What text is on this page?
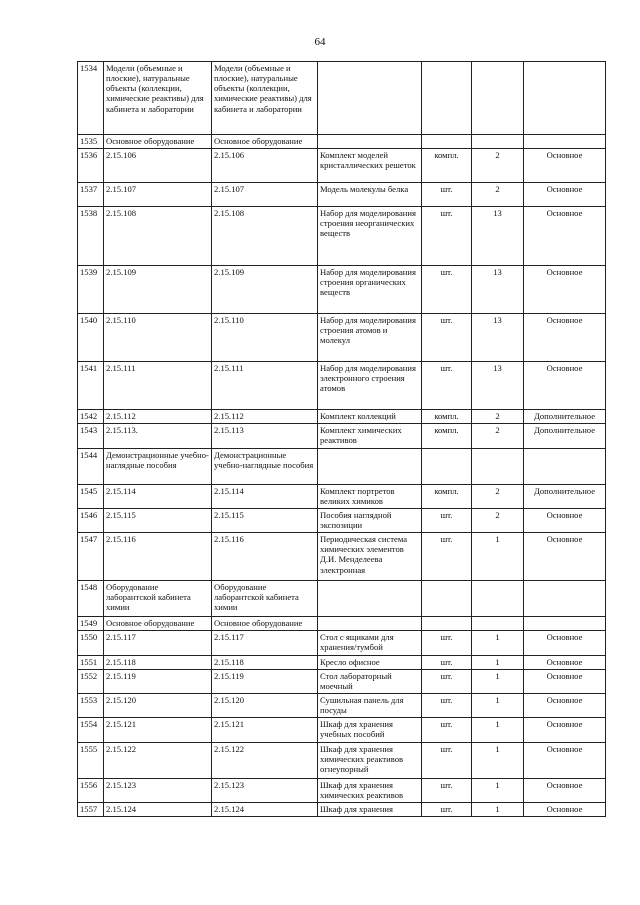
64
1534	Модели (объемные и плоские), натуральные объекты (коллекции, химические реактивы) для кабинета и лаборатории	Модели (объемные и плоские), натуральные объекты (коллекции, химические реактивы) для кабинета и лаборатории				
1535	Основное оборудование	Основное оборудование				
1536	2.15.106	2.15.106	Комплект моделей кристаллических решеток	компл.	2	Основное
1537	2.15.107	2.15.107	Модель молекулы белка	шт.	2	Основное
1538	2.15.108	2.15.108	Набор для моделирования строения неорганических веществ	шт.	13	Основное
1539	2.15.109	2.15.109	Набор для моделирования строения органических веществ	шт.	13	Основное
1540	2.15.110	2.15.110	Набор для моделирования строения атомов и молекул	шт.	13	Основное
1541	2.15.111	2.15.111	Набор для моделирования электронного строения атомов	шт.	13	Основное
1542	2.15.112	2.15.112	Комплект коллекций	компл.	2	Дополнительное
1543	2.15.113.	2.15.113	Комплект химических реактивов	компл.	2	Дополнительное
1544	Демонстрационные учебно-наглядные пособия	Демонстрационные учебно-наглядные пособия				
1545	2.15.114	2.15.114	Комплект портретов великих химиков	компл.	2	Дополнительное
1546	2.15.115	2.15.115	Пособия наглядной экспозиции	шт.	2	Основное
1547	2.15.116	2.15.116	Периодическая система химических элементов Д.И. Менделеева электронная	шт.	1	Основное
1548	Оборудование лаборантской кабинета химии	Оборудование лаборантской кабинета химии				
1549	Основное оборудование	Основное оборудование				
1550	2.15.117	2.15.117	Стол с ящиками для хранения/тумбой	шт.	1	Основное
1551	2.15.118	2.15.118	Кресло офисное	шт.	1	Основное
1552	2.15.119	2.15.119	Стол лабораторный моечный	шт.	1	Основное
1553	2.15.120	2.15.120	Сушильная панель для посуды	шт.	1	Основное
1554	2.15.121	2.15.121	Шкаф для хранения учебных пособий	шт.	1	Основное
1555	2.15.122	2.15.122	Шкаф для хранения химических реактивов огнеупорный	шт.	1	Основное
1556	2.15.123	2.15.123	Шкаф для хранения химических реактивов	шт.	1	Основное
1557	2.15.124	2.15.124	Шкаф для хранения	шт.	1	Основное
